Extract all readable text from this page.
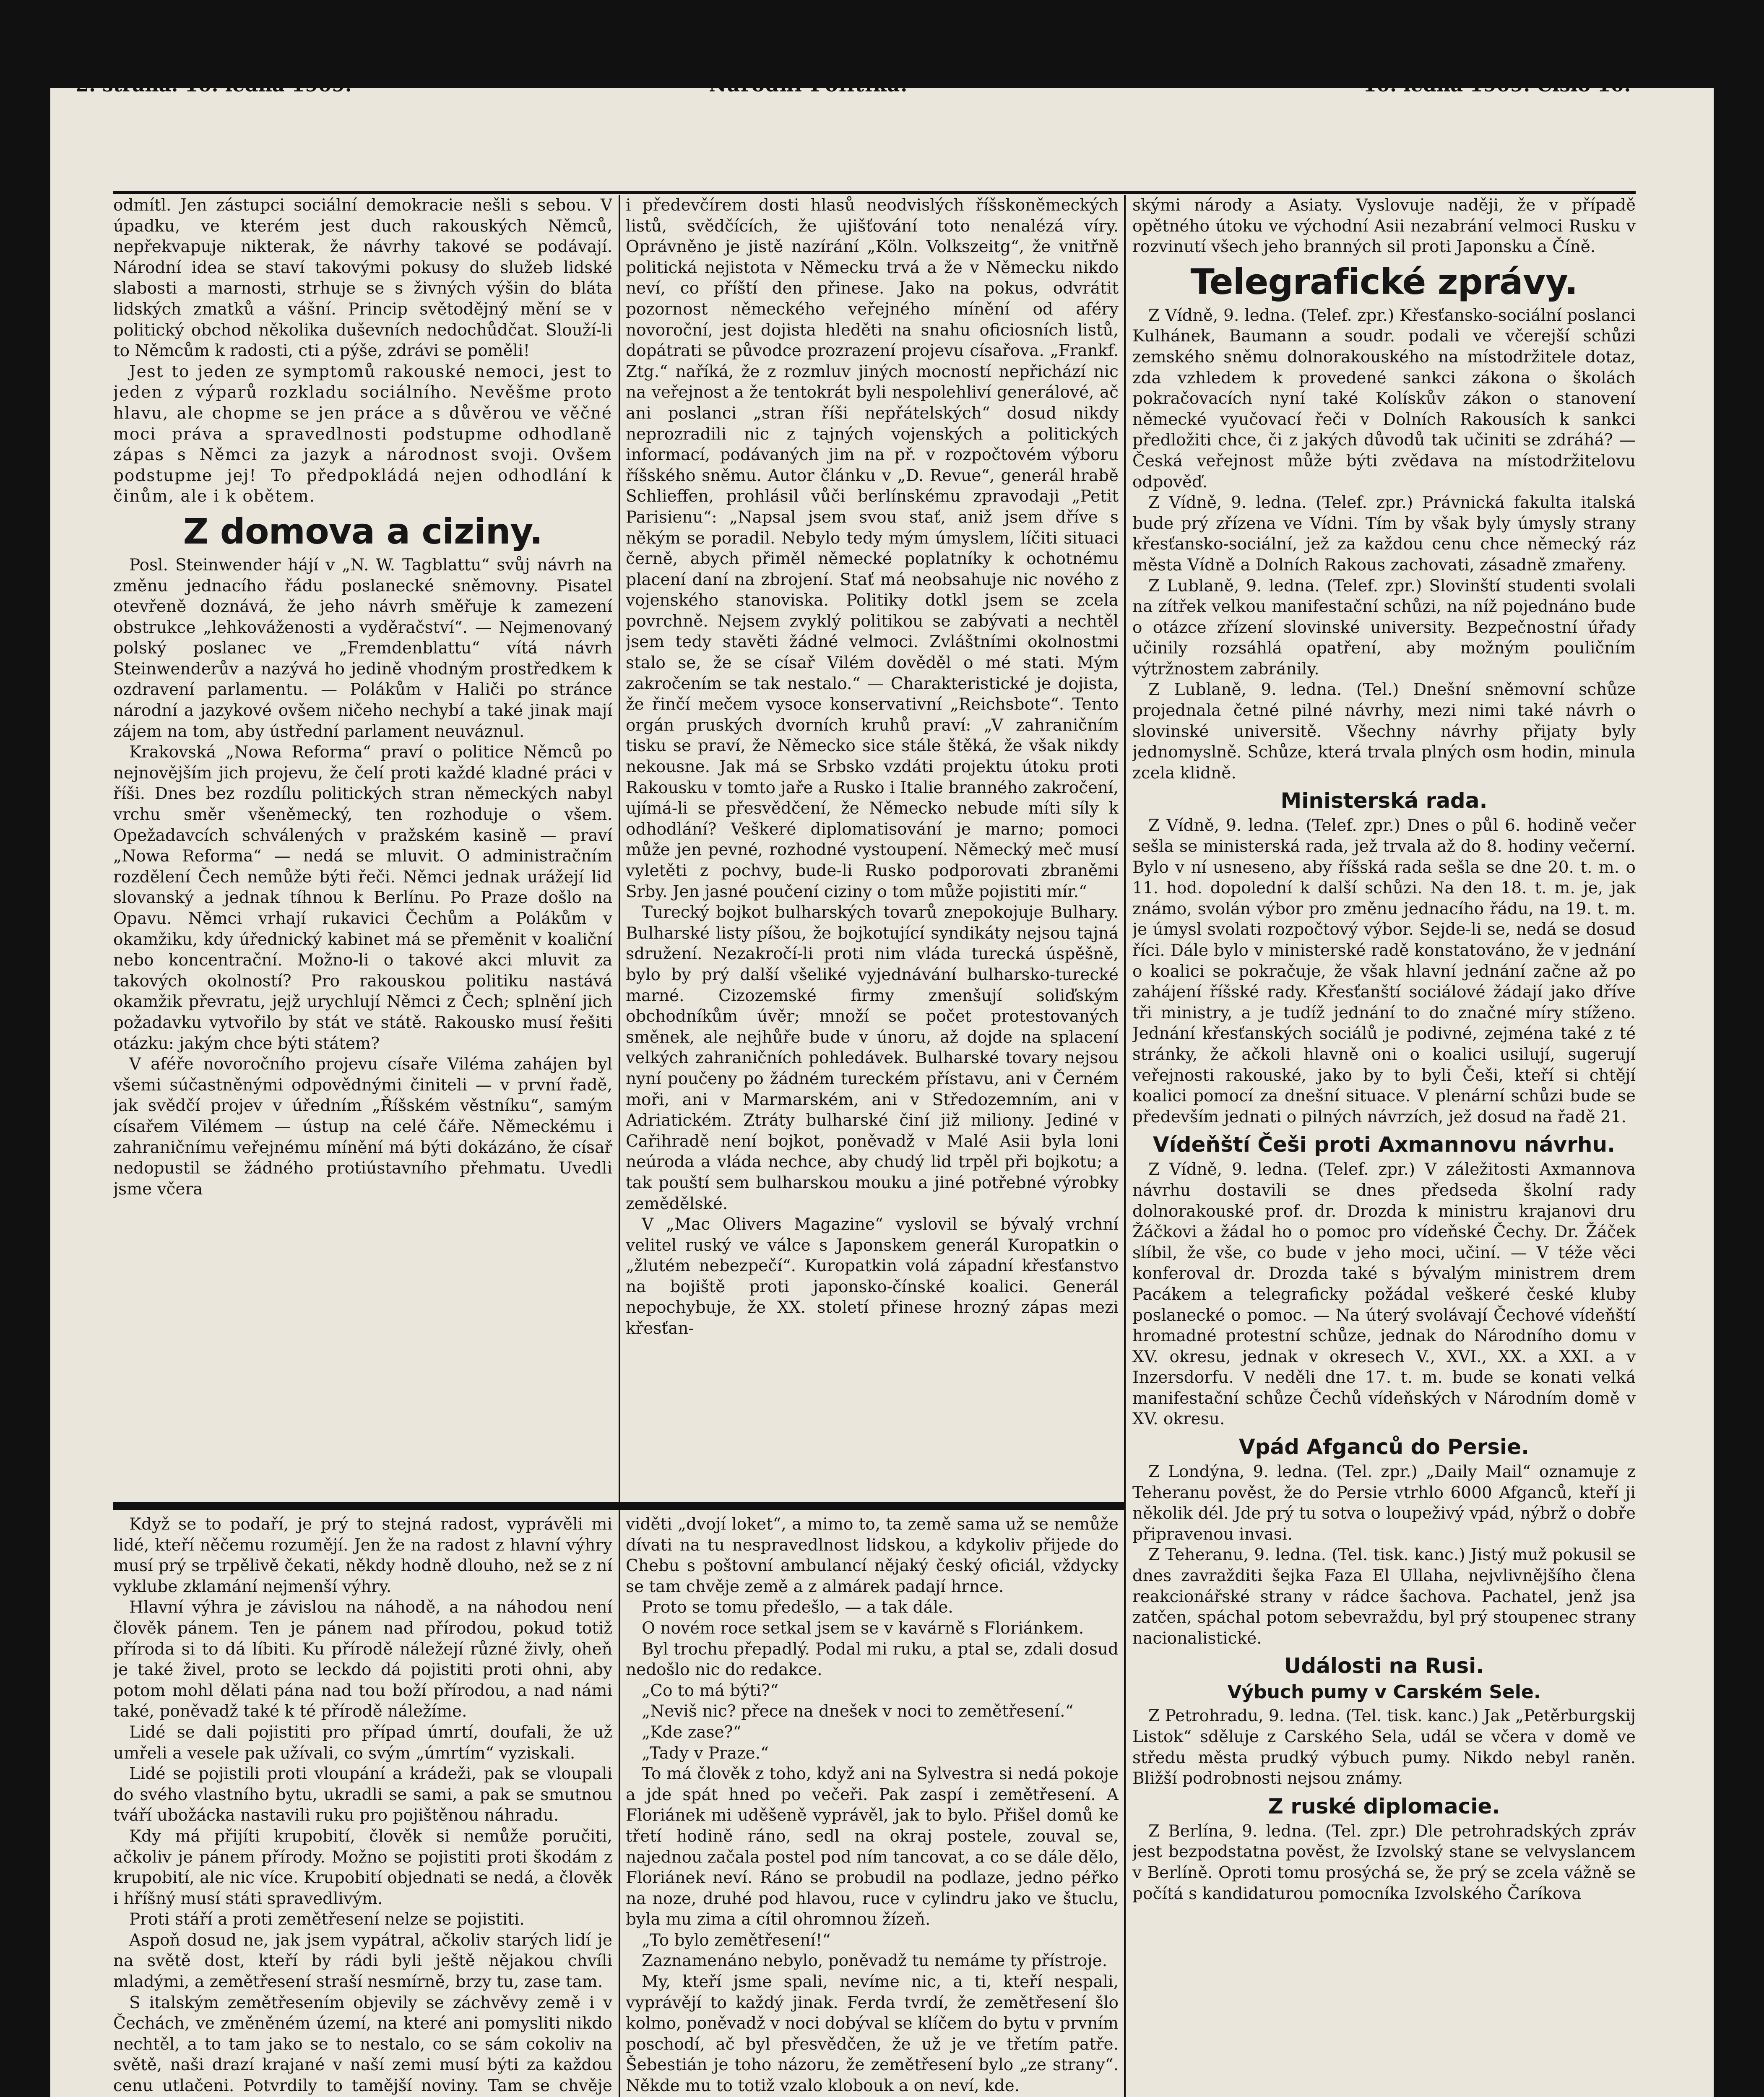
2. strana. 10. ledna 1909.	Národní Politika.	10. ledna 1909. Číslo 10.

odmítl. Jen zástupci sociální demokracie nešli s sebou. V úpadku, ve kterém jest duch rakouských Němců, nepřekvapuje nikterak, že návrhy takové se podávají. Národní idea se staví takovými pokusy do služeb lidské slabosti a marnosti, strhuje se s živných výšin do bláta lidských zmatků a vášní. Princip světodějný mění se v politický obchod několika duševních nedochůdčat. Slouží-li to Němcům k radosti, cti a pýše, zdrávi se poměli!

Jest to jeden ze symptomů rakouské nemoci, jest to jeden z výparů rozkladu sociálního. Nevěšme proto hlavu, ale chopme se jen práce a s důvěrou ve věčné moci práva a spravedlnosti podstupme odhodlaně zápas s Němci za jazyk a národnost svoji. Ovšem podstupme jej! To předpokládá nejen odhodlání k činům, ale i k obětem.

Z domova a ciziny.

Posl. Steinwender hájí v „N. W. Tagblattu“ svůj návrh na změnu jednacího řádu poslanecké sněmovny. Pisatel otevřeně doznává, že jeho návrh směřuje k zamezení obstrukce „lehkováženosti a vyděračství“. — Nejmenovaný polský poslanec ve „Fremdenblattu“ vítá návrh Steinwenderův a nazývá ho jedině vhodným prostředkem k ozdravení parlamentu. — Polákům v Haliči po stránce národní a jazykové ovšem ničeho nechybí a také jinak mají zájem na tom, aby ústřední parlament neuváznul.

Krakovská „Nowa Reforma“ praví o politice Němců po nejnovějším jich projevu, že čelí proti každé kladné práci v říši. Dnes bez rozdílu politických stran německých nabyl vrchu směr všeněmecký, ten rozhoduje o všem. Opežadavcích schválených v pražském kasině — praví „Nowa Reforma“ — nedá se mluvit. O administračním rozdělení Čech nemůže býti řeči. Němci jednak urážejí lid slovanský a jednak tíhnou k Berlínu. Po Praze došlo na Opavu. Němci vrhají rukavici Čechům a Polákům v okamžiku, kdy úřednický kabinet má se přeměnit v koaliční nebo koncentrační. Možno-li o takové akci mluvit za takových okolností? Pro rakouskou politiku nastává okamžik převratu, jejž urychlují Němci z Čech; splnění jich požadavku vytvořilo by stát ve státě. Rakousko musí řešiti otázku: jakým chce býti státem?

V aféře novoročního projevu císaře Viléma zahájen byl všemi súčastněnými odpovědnými činiteli — v první řadě, jak svědčí projev v úředním „Říšském věstníku“, samým císařem Vilémem — ústup na celé čáře. Německému i zahraničnímu veřejnému mínění má býti dokázáno, že císař nedopustil se žádného protiústavního přehmatu. Uvedli jsme včera

i předevčírem dosti hlasů neodvislých říšskoněmeckých listů, svědčících, že ujišťování toto nenalézá víry. Oprávněno je jistě nazírání „Köln. Volkszeitg“, že vnitřně politická nejistota v Německu trvá a že v Německu nikdo neví, co příští den přinese. Jako na pokus, odvrátit pozornost německého veřejného mínění od aféry novoroční, jest dojista hleděti na snahu oficiosních listů, dopátrati se původce prozrazení projevu císařova. „Frankf. Ztg.“ naříká, že z rozmluv jiných mocností nepřichází nic na veřejnost a že tentokrát byli nespolehliví generálové, ač ani poslanci „stran říši nepřátelských“ dosud nikdy neprozradili nic z tajných vojenských a politických informací, podávaných jim na př. v rozpočtovém výboru říšského sněmu. Autor článku v „D. Revue“, generál hrabě Schlieffen, prohlásil vůči berlínskému zpravodaji „Petit Parisienu“: „Napsal jsem svou stať, aniž jsem dříve s někým se poradil. Nebylo tedy mým úmyslem, líčiti situaci černě, abych přiměl německé poplatníky k ochotnému placení daní na zbrojení. Stať má neobsahuje nic nového z vojenského stanoviska. Politiky dotkl jsem se zcela povrchně. Nejsem zvyklý politikou se zabývati a nechtěl jsem tedy stavěti žádné velmoci. Zvláštními okolnostmi stalo se, že se císař Vilém dověděl o mé stati. Mým zakročením se tak nestalo.“ — Charakteristické je dojista, že řinčí mečem vysoce konservativní „Reichsbote“. Tento orgán pruských dvorních kruhů praví: „V zahraničním tisku se praví, že Německo sice stále štěká, že však nikdy nekousne. Jak má se Srbsko vzdáti projektu útoku proti Rakousku v tomto jaře a Rusko i Italie branného zakročení, ujímá-li se přesvědčení, že Německo nebude míti síly k odhodlání? Veškeré diplomatisování je marno; pomoci může jen pevné, rozhodné vystoupení. Německý meč musí vyletěti z pochvy, bude-li Rusko podporovati zbraněmi Srby. Jen jasné poučení ciziny o tom může pojistiti mír.“

Turecký bojkot bulharských tovarů znepokojuje Bulhary. Bulharské listy píšou, že bojkotující syndikáty nejsou tajná sdružení. Nezakročí-li proti nim vláda turecká úspěšně, bylo by prý další všeliké vyjednávání bulharsko-turecké marné. Cizozemské firmy zmenšují soliďským obchodníkům úvěr; množí se počet protestovaných směnek, ale nejhůře bude v únoru, až dojde na splacení velkých zahraničních pohledávek. Bulharské tovary nejsou nyní poučeny po žádném tureckém přístavu, ani v Černém moři, ani v Marmarském, ani v Středozemním, ani v Adriatickém. Ztráty bulharské činí již miliony. Jediné v Cařihradě není bojkot, poněvadž v Malé Asii byla loni neúroda a vláda nechce, aby chudý lid trpěl při bojkotu; a tak pouští sem bulharskou mouku a jiné potřebné výrobky zemědělské.

V „Mac Olivers Magazine“ vyslovil se bývalý vrchní velitel ruský ve válce s Japonskem generál Kuropatkin o „žlutém nebezpečí“. Kuropatkin volá západní křesťanstvo na bojiště proti japonsko-čínské koalici. Generál nepochybuje, že XX. století přinese hrozný zápas mezi křesťan-

skými národy a Asiaty. Vyslovuje naději, že v případě opětného útoku ve východní Asii nezabrání velmoci Rusku v rozvinutí všech jeho branných sil proti Japonsku a Číně.

Telegrafické zprávy.

Z Vídně, 9. ledna. (Telef. zpr.) Křesťansko-sociální poslanci Kulhánek, Baumann a soudr. podali ve včerejší schůzi zemského sněmu dolnorakouského na místodržitele dotaz, zda vzhledem k provedené sankci zákona o školách pokračovacích nyní také Kolískův zákon o stanovení německé vyučovací řeči v Dolních Rakousích k sankci předložiti chce, či z jakých důvodů tak učiniti se zdráhá? — Česká veřejnost může býti zvědava na místodržitelovu odpověď.

Z Vídně, 9. ledna. (Telef. zpr.) Právnická fakulta italská bude prý zřízena ve Vídni. Tím by však byly úmysly strany křesťansko-sociální, jež za každou cenu chce německý ráz města Vídně a Dolních Rakous zachovati, zásadně zmařeny.

Z Lublaně, 9. ledna. (Telef. zpr.) Slovinští studenti svolali na zítřek velkou manifestační schůzi, na níž pojednáno bude o otázce zřízení slovinské university. Bezpečnostní úřady učinily rozsáhlá opatření, aby možným pouličním výtržnostem zabránily.

Z Lublaně, 9. ledna. (Tel.) Dnešní sněmovní schůze projednala četné pilné návrhy, mezi nimi také návrh o slovinské universitě. Všechny návrhy přijaty byly jednomyslně. Schůze, která trvala plných osm hodin, minula zcela klidně.

Ministerská rada.

Z Vídně, 9. ledna. (Telef. zpr.) Dnes o půl 6. hodině večer sešla se ministerská rada, jež trvala až do 8. hodiny večerní. Bylo v ní usneseno, aby říšská rada sešla se dne 20. t. m. o 11. hod. dopolední k další schůzi. Na den 18. t. m. je, jak známo, svolán výbor pro změnu jednacího řádu, na 19. t. m. je úmysl svolati rozpočtový výbor. Sejde-li se, nedá se dosud říci. Dále bylo v ministerské radě konstatováno, že v jednání o koalici se pokračuje, že však hlavní jednání začne až po zahájení říšské rady. Křesťanští sociálové žádají jako dříve tři ministry, a je tudíž jednání to do značné míry stíženo. Jednání křesťanských sociálů je podivné, zejména také z té stránky, že ačkoli hlavně oni o koalici usilují, sugerují veřejnosti rakouské, jako by to byli Češi, kteří si chtějí koalici pomocí za dnešní situace. V plenární schůzi bude se především jednati o pilných návrzích, jež dosud na řadě 21.

Vídeňští Češi proti Axmannovu návrhu.

Z Vídně, 9. ledna. (Telef. zpr.) V záležitosti Axmannova návrhu dostavili se dnes předseda školní rady dolnorakouské prof. dr. Drozda k ministru krajanovi dru Žáčkovi a žádal ho o pomoc pro vídeňské Čechy. Dr. Žáček slíbil, že vše, co bude v jeho moci, učiní. — V téže věci konferoval dr. Drozda také s bývalým ministrem drem Pacákem a telegraficky požádal veškeré české kluby poslanecké o pomoc. — Na úterý svolávají Čechové vídeňští hromadné protestní schůze, jednak do Národního domu v XV. okresu, jednak v okresech V., XVI., XX. a XXI. a v Inzersdorfu. V neděli dne 17. t. m. bude se konati velká manifestační schůze Čechů vídeňských v Národním domě v XV. okresu.

Vpád Afganců do Persie.

Z Londýna, 9. ledna. (Tel. zpr.) „Daily Mail“ oznamuje z Teheranu pověst, že do Persie vtrhlo 6000 Afganců, kteří ji několik dél. Jde prý tu sotva o loupeživý vpád, nýbrž o dobře připravenou invasi.

Z Teheranu, 9. ledna. (Tel. tisk. kanc.) Jistý muž pokusil se dnes zavražditi šejka Faza El Ullaha, nejvlivnějšího člena reakcionářské strany v rádce šachova. Pachatel, jenž jsa zatčen, spáchal potom sebevraždu, byl prý stoupenec strany nacionalistické.

Události na Rusi.
Výbuch pumy v Carském Sele.

Z Petrohradu, 9. ledna. (Tel. tisk. kanc.) Jak „Petěrburgskij Listok“ sděluje z Carského Sela, udál se včera v domě ve středu města prudký výbuch pumy. Nikdo nebyl raněn. Bližší podrobnosti nejsou známy.

Z ruské diplomacie.

Z Berlína, 9. ledna. (Tel. zpr.) Dle petrohradských zpráv jest bezpodstatna pověst, že Izvolský stane se velvyslancem v Berlíně. Oproti tomu prosýchá se, že prý se zcela vážně se počítá s kandidaturou pomocníka Izvolského Čaríkova

Když se to podaří, je prý to stejná radost, vyprávěli mi lidé, kteří něčemu rozumějí. Jen že na radost z hlavní výhry musí prý se trpělivě čekati, někdy hodně dlouho, než se z ní vyklube zklamání nejmenší výhry.

Hlavní výhra je závislou na náhodě, a na náhodou není člověk pánem. Ten je pánem nad přírodou, pokud totiž příroda si to dá líbiti. Ku přírodě náležejí různé živly, oheň je také živel, proto se leckdo dá pojistiti proti ohni, aby potom mohl dělati pána nad tou boží přírodou, a nad námi také, poněvadž také k té přírodě náležíme.

Lidé se dali pojistiti pro případ úmrtí, doufali, že už umřeli a vesele pak užívali, co svým „úmrtím“ vyziskali.

Lidé se pojistili proti vloupání a krádeži, pak se vloupali do svého vlastního bytu, ukradli se sami, a pak se smutnou tváří ubožácka nastavili ruku pro pojištěnou náhradu.

Kdy má přijíti krupobití, člověk si nemůže poručiti, ačkoliv je pánem přírody. Možno se pojistiti proti škodám z krupobití, ale nic více. Krupobití objednati se nedá, a člověk i hříšný musí státi spravedlivým.

Proti stáří a proti zemětřesení nelze se pojistiti.

Aspoň dosud ne, jak jsem vypátral, ačkoliv starých lidí je na světě dost, kteří by rádi byli ještě nějakou chvíli mladými, a zemětřesení straší nesmírně, brzy tu, zase tam.

S italským zemětřesením objevily se záchvěvy země i v Čechách, ve změněném území, na které ani pomysliti nikdo nechtěl, a to tam jako se to nestalo, co se sám cokoliv na světě, naši drazí krajané v naší zemi musí býti za každou cenu utlačeni. Potvrdily to tamější noviny. Tam se chvěje

viděti „dvojí loket“, a mimo to, ta země sama už se nemůže dívati na tu nespravedlnost lidskou, a kdykoliv přijede do Chebu s poštovní ambulancí nějaký český oficiál, vždycky se tam chvěje země a z almárek padají hrnce.

Proto se tomu předešlo, — a tak dále.

O novém roce setkal jsem se v kavárně s Floriánkem.

Byl trochu přepadlý. Podal mi ruku, a ptal se, zdali dosud nedošlo nic do redakce.

„Co to má býti?“

„Neviš nic? přece na dnešek v noci to zemětřesení.“

„Kde zase?“

„Tady v Praze.“

To má člověk z toho, když ani na Sylvestra si nedá pokoje a jde spát hned po večeři. Pak zaspí i zemětřesení. A Floriánek mi uděšeně vyprávěl, jak to bylo. Přišel domů ke třetí hodině ráno, sedl na okraj postele, zouval se, najednou začala postel pod ním tancovat, a co se dále dělo, Floriánek neví. Ráno se probudil na podlaze, jedno péřko na noze, druhé pod hlavou, ruce v cylindru jako ve štuclu, byla mu zima a cítil ohromnou žízeň.

„To bylo zemětřesení!“

Zaznamenáno nebylo, poněvadž tu nemáme ty přístroje.

My, kteří jsme spali, nevíme nic, a ti, kteří nespali, vyprávějí to každý jinak. Ferda tvrdí, že zemětřesení šlo kolmo, poněvadž v noci dobýval se klíčem do bytu v prvním poschodí, ač byl přesvědčen, že už je ve třetím patře. Šebestián je toho názoru, že zemětřesení bylo „ze strany“. Někde mu to totiž vzalo klobouk a on neví, kde.
